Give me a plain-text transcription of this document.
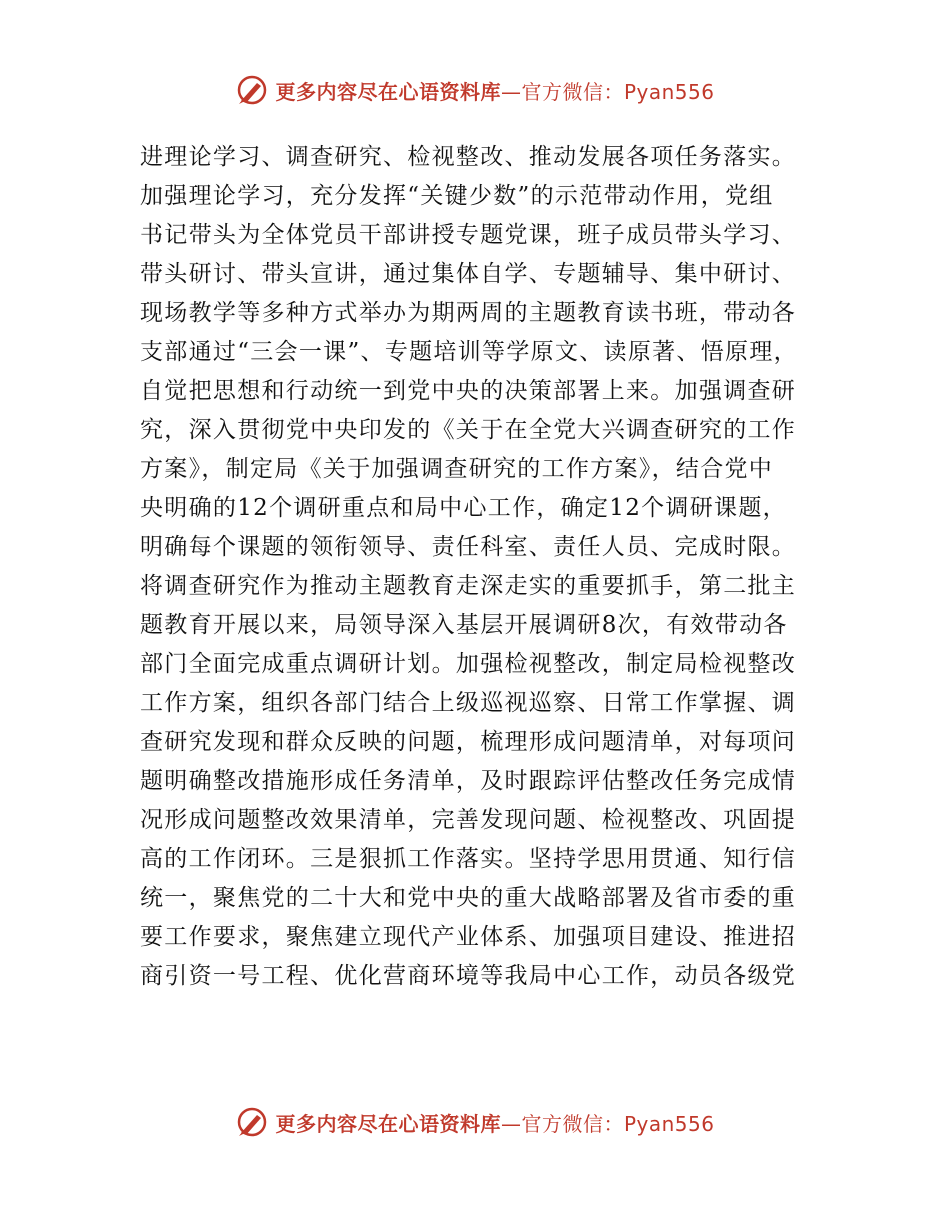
更多内容尽在心语资料库—官方微信：Pyan556
进理论学习、调查研究、检视整改、推动发展各项任务落实。
加强理论学习，充分发挥“关键少数”的示范带动作用，党组
书记带头为全体党员干部讲授专题党课，班子成员带头学习、
带头研讨、带头宣讲，通过集体自学、专题辅导、集中研讨、
现场教学等多种方式举办为期两周的主题教育读书班，带动各
支部通过“三会一课”、专题培训等学原文、读原著、悟原理，
自觉把思想和行动统一到党中央的决策部署上来。加强调查研
究，深入贯彻党中央印发的《关于在全党大兴调查研究的工作
方案》，制定局《关于加强调查研究的工作方案》，结合党中
央明确的12个调研重点和局中心工作，确定12个调研课题，
明确每个课题的领衔领导、责任科室、责任人员、完成时限。
将调查研究作为推动主题教育走深走实的重要抓手，第二批主
题教育开展以来，局领导深入基层开展调研8次，有效带动各
部门全面完成重点调研计划。加强检视整改，制定局检视整改
工作方案，组织各部门结合上级巡视巡察、日常工作掌握、调
查研究发现和群众反映的问题，梳理形成问题清单，对每项问
题明确整改措施形成任务清单，及时跟踪评估整改任务完成情
况形成问题整改效果清单，完善发现问题、检视整改、巩固提
高的工作闭环。三是狠抓工作落实。坚持学思用贯通、知行信
统一，聚焦党的二十大和党中央的重大战略部署及省市委的重
要工作要求，聚焦建立现代产业体系、加强项目建设、推进招
商引资一号工程、优化营商环境等我局中心工作，动员各级党
更多内容尽在心语资料库—官方微信：Pyan556
